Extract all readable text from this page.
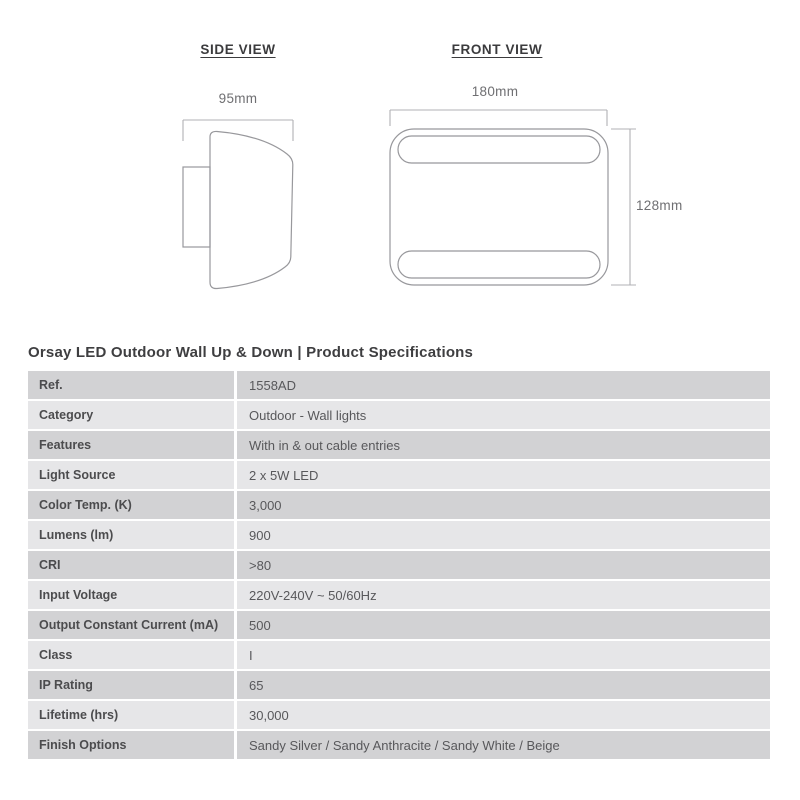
SIDE VIEW	FRONT VIEW
95mm	180mm
128mm
Orsay LED Outdoor Wall Up & Down | Product Specifications
Ref.	1558AD
Category	Outdoor - Wall lights
Features	With in & out cable entries
Light Source	2 x 5W LED
Color Temp. (K)	3,000
Lumens (lm)	900
CRI	>80
Input Voltage	220V-240V ~ 50/60Hz
Output Constant Current (mA)	500
Class	I
IP Rating	65
Lifetime (hrs)	30,000
Finish Options	Sandy Silver / Sandy Anthracite / Sandy White / Beige
